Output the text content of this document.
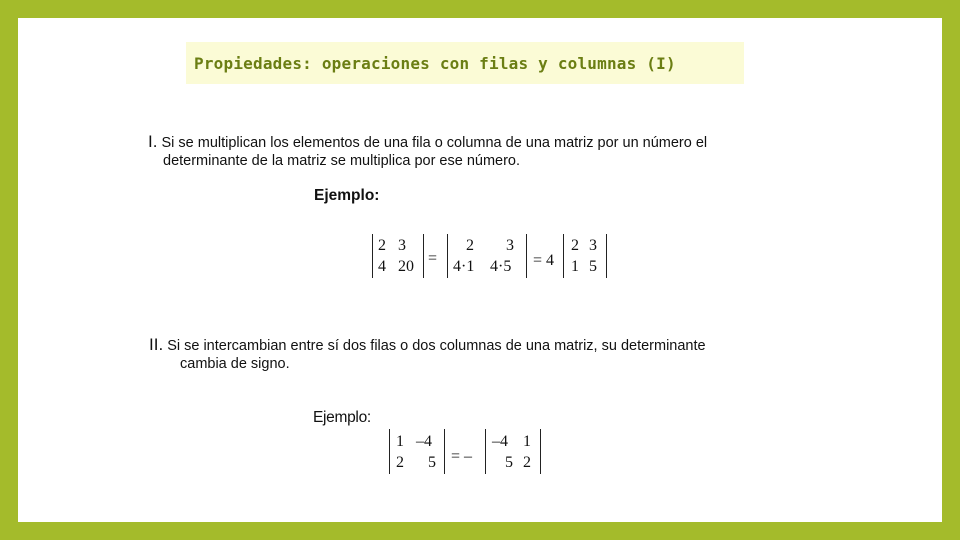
Propiedades: operaciones con filas y columnas (I)
I. Si se multiplican los elementos de una fila o columna de una matriz por un número el
determinante de la matriz se multiplica por ese número.
Ejemplo:
2 3
4 20 =
2 3
4·1 4·5 = 4
2 3
1 5
II. Si se intercambian entre sí dos filas o dos columnas de una matriz, su determinante
cambia de signo.
Ejemplo:
1 –4
2 5 = –
–4 1
5 2
